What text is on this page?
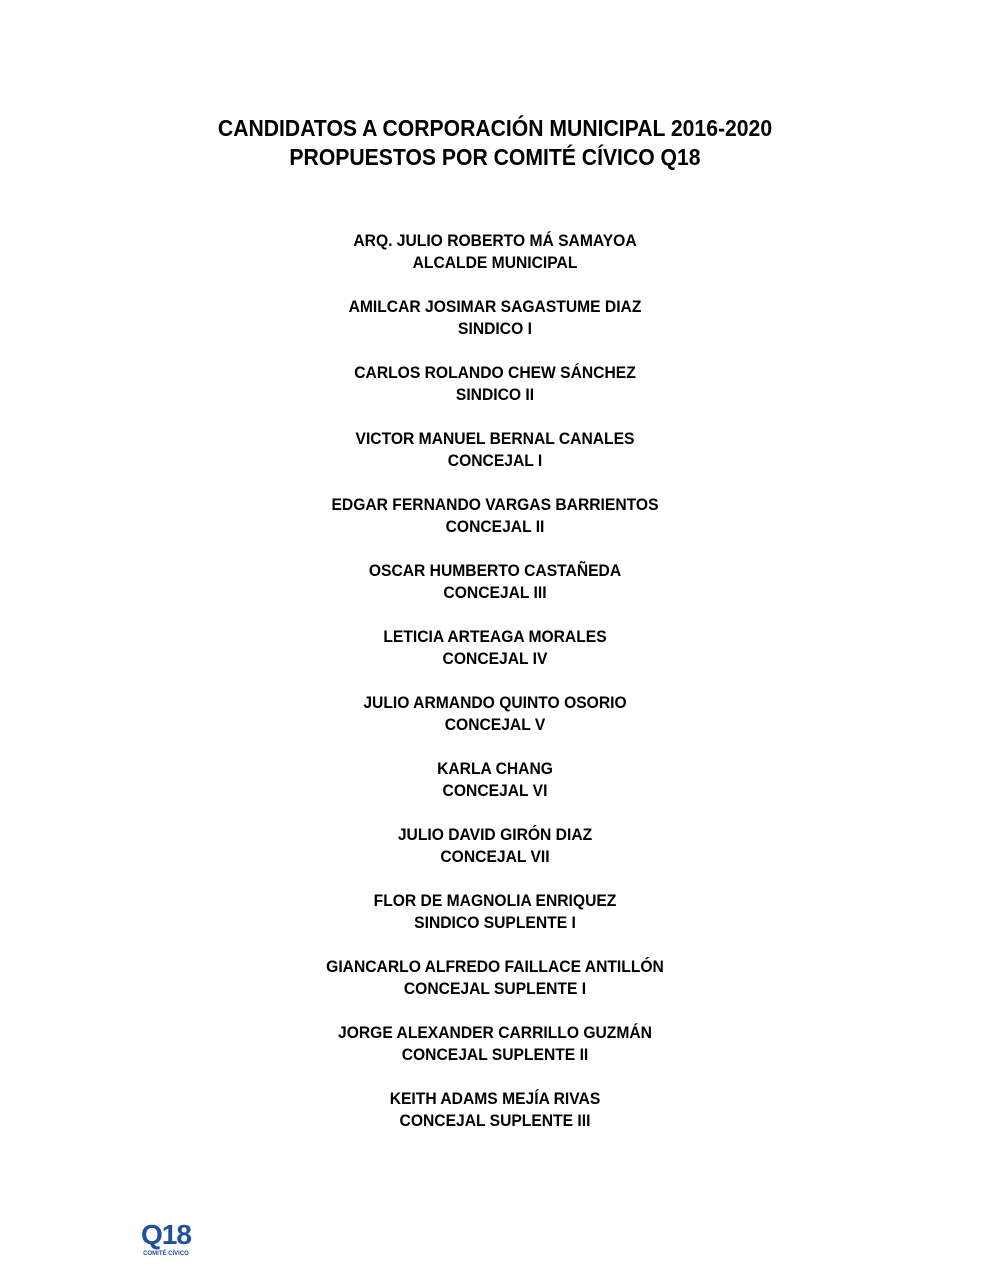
CANDIDATOS A CORPORACIÓN MUNICIPAL 2016-2020
PROPUESTOS POR COMITÉ CÍVICO Q18
ARQ. JULIO ROBERTO MÁ SAMAYOA
ALCALDE MUNICIPAL
AMILCAR JOSIMAR SAGASTUME DIAZ
SINDICO I
CARLOS ROLANDO CHEW SÁNCHEZ
SINDICO II
VICTOR MANUEL BERNAL CANALES
CONCEJAL I
EDGAR FERNANDO VARGAS BARRIENTOS
CONCEJAL II
OSCAR HUMBERTO CASTAÑEDA
CONCEJAL III
LETICIA ARTEAGA MORALES
CONCEJAL IV
JULIO ARMANDO QUINTO OSORIO
CONCEJAL V
KARLA CHANG
CONCEJAL VI
JULIO DAVID GIRÓN DIAZ
CONCEJAL VII
FLOR DE MAGNOLIA ENRIQUEZ
SINDICO SUPLENTE I
GIANCARLO ALFREDO FAILLACE ANTILLÓN
CONCEJAL SUPLENTE I
JORGE ALEXANDER CARRILLO GUZMÁN
CONCEJAL SUPLENTE II
KEITH ADAMS MEJÍA RIVAS
CONCEJAL SUPLENTE III
Q18
COMITÉ CÍVICO
